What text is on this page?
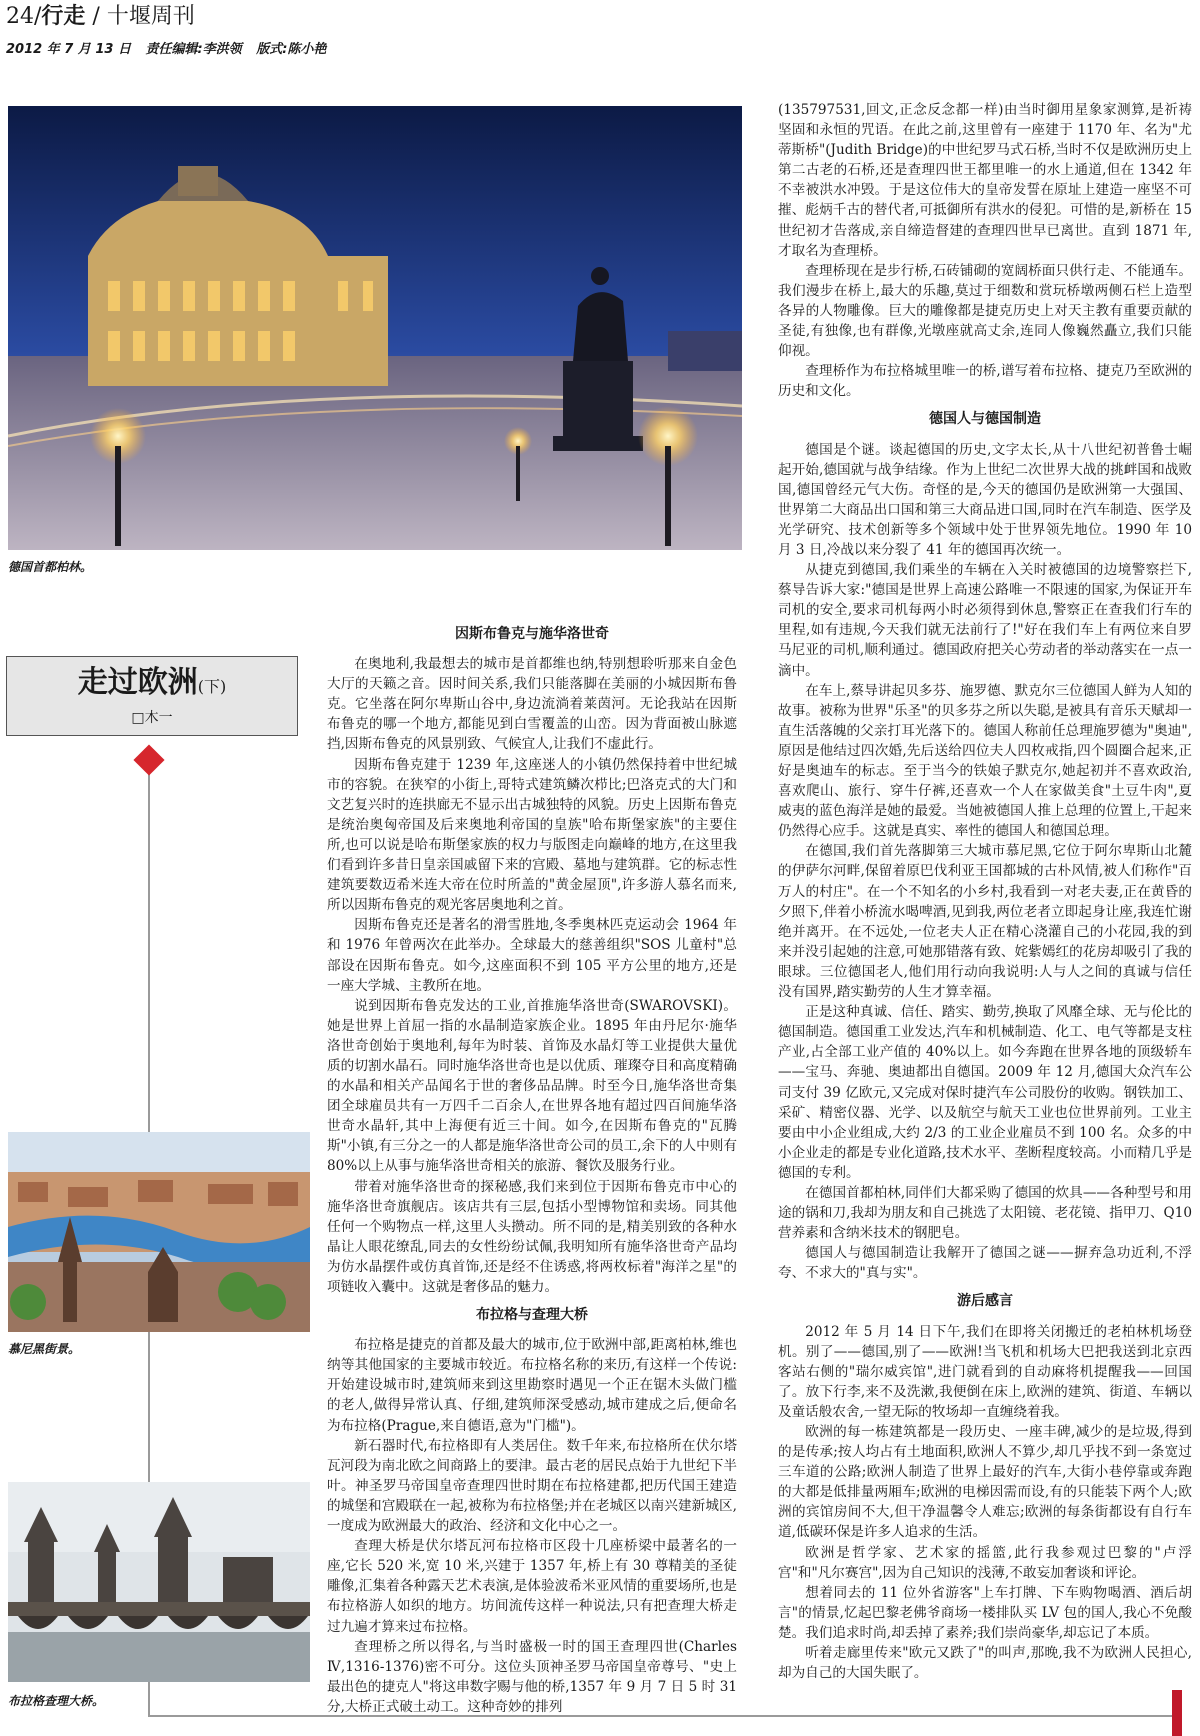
24/行走 / 十堰周刊
2012 年 7 月 13 日 责任编辑:李洪领 版式:陈小艳
德国首都柏林。
走过欧洲(下)
□木一
慕尼黑街景。
布拉格查理大桥。
因斯布鲁克与施华洛世奇

在奥地利,我最想去的城市是首都维也纳,特别想聆听那来自金色大厅的天籁之音。因时间关系,我们只能落脚在美丽的小城因斯布鲁克。它坐落在阿尔卑斯山谷中,身边流淌着莱茵河。无论我站在因斯布鲁克的哪一个地方,都能见到白雪覆盖的山峦。因为背面被山脉遮挡,因斯布鲁克的风景别致、气候宜人,让我们不虚此行。

因斯布鲁克建于 1239 年,这座迷人的小镇仍然保持着中世纪城市的容貌。在狭窄的小街上,哥特式建筑鳞次栉比;巴洛克式的大门和文艺复兴时的连拱廊无不显示出古城独特的风貌。历史上因斯布鲁克是统治奥匈帝国及后来奥地利帝国的皇族"哈布斯堡家族"的主要住所,也可以说是哈布斯堡家族的权力与版图走向巅峰的地方,在这里我们看到许多昔日皇亲国戚留下来的宫殿、墓地与建筑群。它的标志性建筑要数迈希米连大帝在位时所盖的"黄金屋顶",许多游人慕名而来,所以因斯布鲁克的观光客居奥地利之首。

因斯布鲁克还是著名的滑雪胜地,冬季奥林匹克运动会 1964 年和 1976 年曾两次在此举办。全球最大的慈善组织"SOS 儿童村"总部设在因斯布鲁克。如今,这座面积不到 105 平方公里的地方,还是一座大学城、主教所在地。

说到因斯布鲁克发达的工业,首推施华洛世奇(SWAROVSKI)。她是世界上首屈一指的水晶制造家族企业。1895 年由丹尼尔·施华洛世奇创始于奥地利,每年为时装、首饰及水晶灯等工业提供大量优质的切割水晶石。同时施华洛世奇也是以优质、璀璨夺目和高度精确的水晶和相关产品闻名于世的奢侈品品牌。时至今日,施华洛世奇集团全球雇员共有一万四千二百余人,在世界各地有超过四百间施华洛世奇水晶轩,其中上海便有近三十间。如今,在因斯布鲁克的"瓦腾斯"小镇,有三分之一的人都是施华洛世奇公司的员工,余下的人中则有 80%以上从事与施华洛世奇相关的旅游、餐饮及服务行业。

带着对施华洛世奇的探秘感,我们来到位于因斯布鲁克市中心的施华洛世奇旗舰店。该店共有三层,包括小型博物馆和卖场。同其他任何一个购物点一样,这里人头攒动。所不同的是,精美别致的各种水晶让人眼花缭乱,同去的女性纷纷试佩,我明知所有施华洛世奇产品均为仿水晶摆件或仿真首饰,还是经不住诱惑,将两枚标着"海洋之星"的项链收入囊中。这就是奢侈品的魅力。

布拉格与查理大桥

布拉格是捷克的首都及最大的城市,位于欧洲中部,距离柏林,维也纳等其他国家的主要城市较近。布拉格名称的来历,有这样一个传说:开始建设城市时,建筑师来到这里勘察时遇见一个正在锯木头做门槛的老人,做得异常认真、仔细,建筑师深受感动,城市建成之后,便命名为布拉格(Prague,来自德语,意为"门槛")。

新石器时代,布拉格即有人类居住。数千年来,布拉格所在伏尔塔瓦河段为南北欧之间商路上的要津。最古老的居民点始于九世纪下半叶。神圣罗马帝国皇帝查理四世时期在布拉格建都,把历代国王建造的城堡和宫殿联在一起,被称为布拉格堡;并在老城区以南兴建新城区,一度成为欧洲最大的政治、经济和文化中心之一。

查理大桥是伏尔塔瓦河布拉格市区段十几座桥梁中最著名的一座,它长 520 米,宽 10 米,兴建于 1357 年,桥上有 30 尊精美的圣徒雕像,汇集着各种露天艺术表演,是体验波希米亚风情的重要场所,也是布拉格游人如织的地方。坊间流传这样一种说法,只有把查理大桥走过九遍才算来过布拉格。

查理桥之所以得名,与当时盛极一时的国王查理四世(Charles Ⅳ,1316-1376)密不可分。这位头顶神圣罗马帝国皇帝尊号、"史上最出色的捷克人"将这串数字赐与他的桥,1357 年 9 月 7 日 5 时 31 分,大桥正式破土动工。这种奇妙的排列

(135797531,回文,正念反念都一样)由当时御用星象家测算,是祈祷坚固和永恒的咒语。在此之前,这里曾有一座建于 1170 年、名为"尤蒂斯桥"(Judith Bridge)的中世纪罗马式石桥,当时不仅是欧洲历史上第二古老的石桥,还是查理四世王都里唯一的水上通道,但在 1342 年不幸被洪水冲毁。于是这位伟大的皇帝发誓在原址上建造一座坚不可摧、彪炳千古的替代者,可抵御所有洪水的侵犯。可惜的是,新桥在 15 世纪初才告落成,亲自缔造督建的查理四世早已离世。直到 1871 年,才取名为查理桥。

查理桥现在是步行桥,石砖铺砌的宽阔桥面只供行走、不能通车。我们漫步在桥上,最大的乐趣,莫过于细数和赏玩桥墩两侧石栏上造型各异的人物雕像。巨大的雕像都是捷克历史上对天主教有重要贡献的圣徒,有独像,也有群像,光墩座就高丈余,连同人像巍然矗立,我们只能仰视。

查理桥作为布拉格城里唯一的桥,谱写着布拉格、捷克乃至欧洲的历史和文化。

德国人与德国制造

德国是个谜。谈起德国的历史,文字太长,从十八世纪初普鲁士崛起开始,德国就与战争结缘。作为上世纪二次世界大战的挑衅国和战败国,德国曾经元气大伤。奇怪的是,今天的德国仍是欧洲第一大强国、世界第二大商品出口国和第三大商品进口国,同时在汽车制造、医学及光学研究、技术创新等多个领域中处于世界领先地位。1990 年 10 月 3 日,冷战以来分裂了 41 年的德国再次统一。

从捷克到德国,我们乘坐的车辆在入关时被德国的边境警察拦下,蔡导告诉大家:"德国是世界上高速公路唯一不限速的国家,为保证开车司机的安全,要求司机每两小时必须得到休息,警察正在查我们行车的里程,如有违规,今天我们就无法前行了!"好在我们车上有两位来自罗马尼亚的司机,顺利通过。德国政府把关心劳动者的举动落实在一点一滴中。

在车上,蔡导讲起贝多芬、施罗德、默克尔三位德国人鲜为人知的故事。被称为世界"乐圣"的贝多芬之所以失聪,是被具有音乐天赋却一直生活落魄的父亲打耳光落下的。德国人称前任总理施罗德为"奥迪",原因是他结过四次婚,先后送给四位夫人四枚戒指,四个圆圈合起来,正好是奥迪车的标志。至于当今的铁娘子默克尔,她起初并不喜欢政治,喜欢爬山、旅行、穿牛仔裤,还喜欢一个人在家做美食"土豆牛肉",夏威夷的蓝色海洋是她的最爱。当她被德国人推上总理的位置上,干起来仍然得心应手。这就是真实、率性的德国人和德国总理。

在德国,我们首先落脚第三大城市慕尼黑,它位于阿尔卑斯山北麓的伊萨尔河畔,保留着原巴伐利亚王国都城的古朴风情,被人们称作"百万人的村庄"。在一个不知名的小乡村,我看到一对老夫妻,正在黄昏的夕照下,伴着小桥流水喝啤酒,见到我,两位老者立即起身让座,我连忙谢绝并离开。在不远处,一位老夫人正在精心浇灌自己的小花园,我的到来并没引起她的注意,可她那错落有致、姹紫嫣红的花房却吸引了我的眼球。三位德国老人,他们用行动向我说明:人与人之间的真诚与信任没有国界,踏实勤劳的人生才算幸福。

正是这种真诚、信任、踏实、勤劳,换取了风靡全球、无与伦比的德国制造。德国重工业发达,汽车和机械制造、化工、电气等都是支柱产业,占全部工业产值的 40%以上。如今奔跑在世界各地的顶级轿车——宝马、奔驰、奥迪都出自德国。2009 年 12 月,德国大众汽车公司支付 39 亿欧元,又完成对保时捷汽车公司股份的收购。钢铁加工、采矿、精密仪器、光学、以及航空与航天工业也位世界前列。工业主要由中小企业组成,大约 2/3 的工业企业雇员不到 100 名。众多的中小企业走的都是专业化道路,技术水平、垄断程度较高。小而精几乎是德国的专利。

在德国首都柏林,同伴们大都采购了德国的炊具——各种型号和用途的锅和刀,我却为朋友和自己挑选了太阳镜、老花镜、指甲刀、Q10 营养素和含纳米技术的钢肥皂。

德国人与德国制造让我解开了德国之谜——摒弃急功近利,不浮夸、不求大的"真与实"。

游后感言

2012 年 5 月 14 日下午,我们在即将关闭搬迁的老柏林机场登机。别了——德国,别了——欧洲!当飞机和机场大巴把我送到北京西客站右侧的"瑞尔威宾馆",进门就看到的自动麻将机提醒我——回国了。放下行李,来不及洗漱,我便倒在床上,欧洲的建筑、街道、车辆以及童话般农舍,一望无际的牧场却一直缠绕着我。

欧洲的每一栋建筑都是一段历史、一座丰碑,减少的是垃圾,得到的是传承;按人均占有土地面积,欧洲人不算少,却几乎找不到一条宽过三车道的公路;欧洲人制造了世界上最好的汽车,大街小巷停靠或奔跑的大都是低排量两厢车;欧洲的电梯因需而设,有的只能装下两个人;欧洲的宾馆房间不大,但干净温馨令人难忘;欧洲的每条街都设有自行车道,低碳环保是许多人追求的生活。

欧洲是哲学家、艺术家的摇篮,此行我参观过巴黎的"卢浮宫"和"凡尔赛宫",因为自己知识的浅薄,不敢妄加奢谈和评论。

想着同去的 11 位外省游客"上车打牌、下车购物喝酒、酒后胡言"的情景,忆起巴黎老佛爷商场一楼排队买 LV 包的国人,我心不免酸楚。我们追求时尚,却丢掉了素养;我们崇尚豪华,却忘记了本质。

听着走廊里传来"欧元又跌了"的叫声,那晚,我不为欧洲人民担心,却为自己的大国失眠了。
